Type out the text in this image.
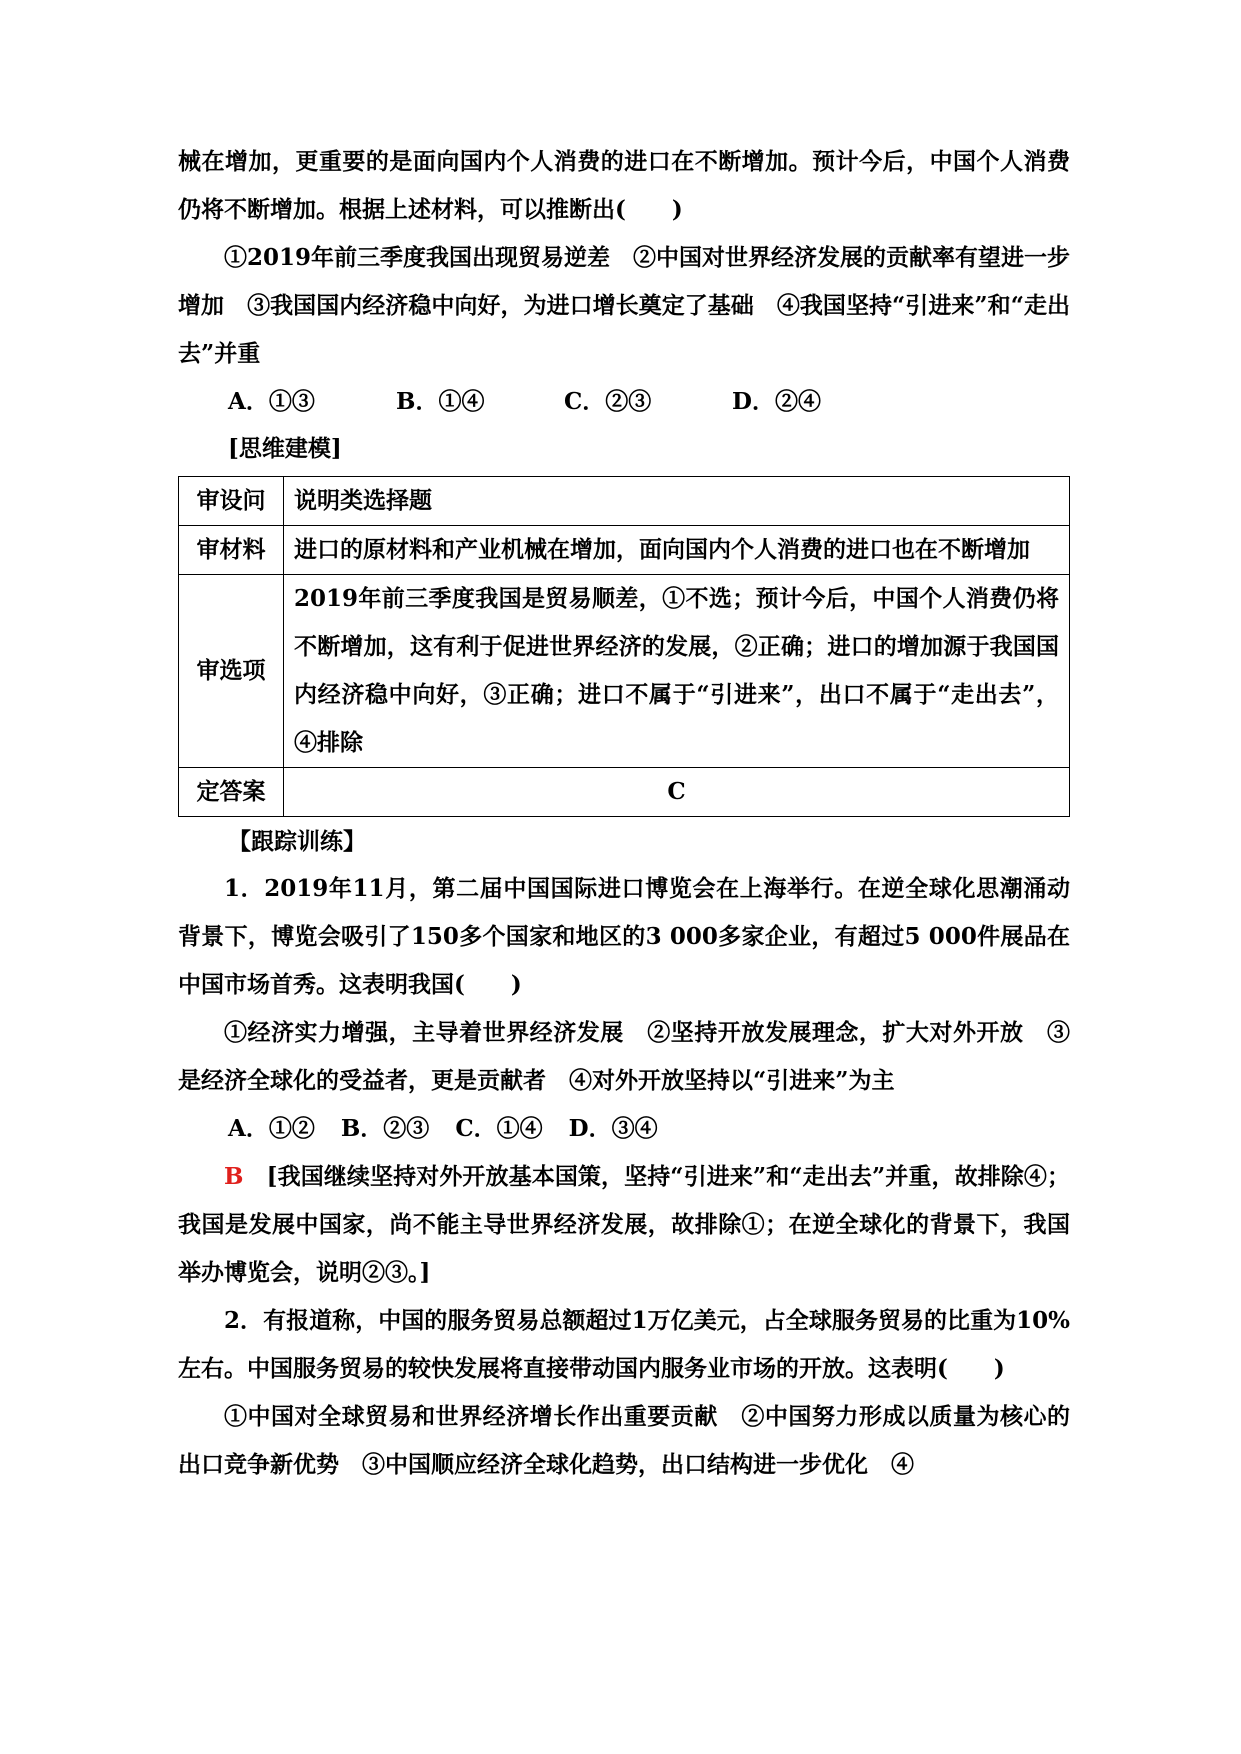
械在增加，更重要的是面向国内个人消费的进口在不断增加。预计今后，中国个人消费仍将不断增加。根据上述材料，可以推断出(　　)

①2019年前三季度我国出现贸易逆差　②中国对世界经济发展的贡献率有望进一步增加　③我国国内经济稳中向好，为进口增长奠定了基础　④我国坚持“引进来”和“走出去”并重

A．①③	B．①④	C．②③	D．②④
[思维建模]
审设问	说明类选择题
审材料	进口的原材料和产业机械在增加，面向国内个人消费的进口也在不断增加
审选项	2019年前三季度我国是贸易顺差，①不选；预计今后，中国个人消费仍将不断增加，这有利于促进世界经济的发展，②正确；进口的增加源于我国国内经济稳中向好，③正确；进口不属于“引进来”，出口不属于“走出去”，④排除
定答案	C
【跟踪训练】

1．2019年11月，第二届中国国际进口博览会在上海举行。在逆全球化思潮涌动背景下，博览会吸引了150多个国家和地区的3 000多家企业，有超过5 000件展品在中国市场首秀。这表明我国(　　)

①经济实力增强，主导着世界经济发展　②坚持开放发展理念，扩大对外开放　③是经济全球化的受益者，更是贡献者　④对外开放坚持以“引进来”为主

A．①② B．②③ C．①④ D．③④

B　 [我国继续坚持对外开放基本国策，坚持“引进来”和“走出去”并重，故排除④；我国是发展中国家，尚不能主导世界经济发展，故排除①；在逆全球化的背景下，我国举办博览会，说明②③。]

2．有报道称，中国的服务贸易总额超过1万亿美元，占全球服务贸易的比重为10%左右。中国服务贸易的较快发展将直接带动国内服务业市场的开放。这表明(　　)

①中国对全球贸易和世界经济增长作出重要贡献　②中国努力形成以质量为核心的出口竞争新优势　③中国顺应经济全球化趋势，出口结构进一步优化　④
